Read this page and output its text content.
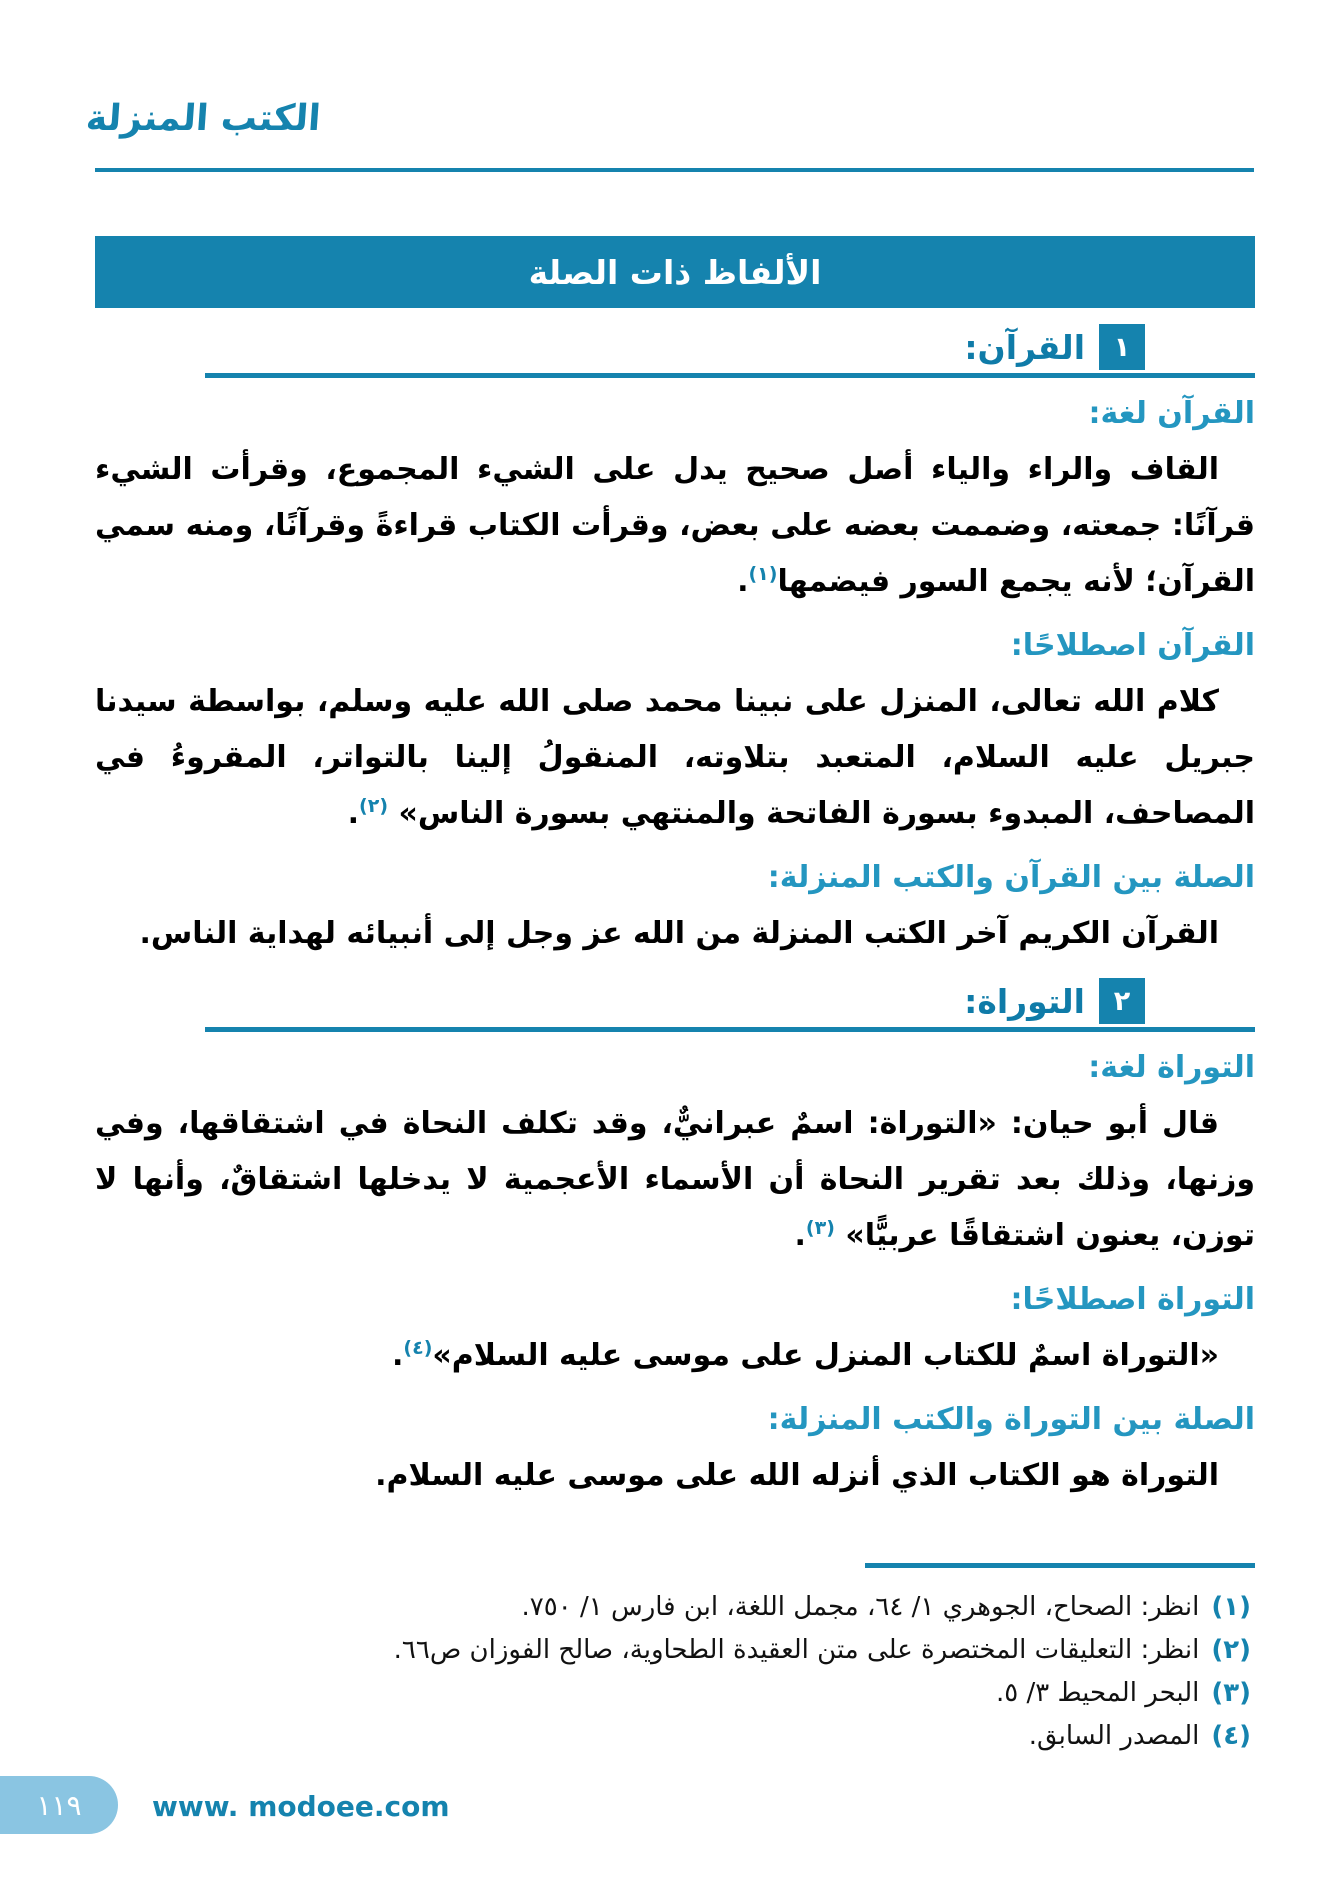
الكتب المنزلة
الألفاظ ذات الصلة
١
القرآن:
القرآن لغة:

القاف والراء والياء أصل صحيح يدل على الشيء المجموع، وقرأت الشيء قرآنًا: جمعته، وضممت بعضه على بعض، وقرأت الكتاب قراءةً وقرآنًا، ومنه سمي القرآن؛ لأنه يجمع السور فيضمها$^{(١)}$.

القرآن اصطلاحًا:

كلام الله تعالى، المنزل على نبينا محمد صلى الله عليه وسلم، بواسطة سيدنا جبريل عليه السلام، المتعبد بتلاوته، المنقولُ إلينا بالتواتر، المقروءُ في المصاحف، المبدوء بسورة الفاتحة والمنتهي بسورة الناس» $^{(٢)}$.

الصلة بين القرآن والكتب المنزلة:

القرآن الكريم آخر الكتب المنزلة من الله عز وجل إلى أنبيائه لهداية الناس.

٢
التوراة:
التوراة لغة:

قال أبو حيان: «التوراة: اسمٌ عبرانيٌّ، وقد تكلف النحاة في اشتقاقها، وفي وزنها، وذلك بعد تقرير النحاة أن الأسماء الأعجمية لا يدخلها اشتقاقٌ، وأنها لا توزن، يعنون اشتقاقًا عربيًّا» $^{(٣)}$.

التوراة اصطلاحًا:

«التوراة اسمٌ للكتاب المنزل على موسى عليه السلام»$^{(٤)}$.

الصلة بين التوراة والكتب المنزلة:

التوراة هو الكتاب الذي أنزله الله على موسى عليه السلام.

(١)
انظر: الصحاح، الجوهري ١/ ٦٤، مجمل اللغة، ابن فارس ١/ ٧٥٠.
(٢)
انظر: التعليقات المختصرة على متن العقيدة الطحاوية، صالح الفوزان ص٦٦.
(٣)
البحر المحيط ٣/ ٥.
(٤)
المصدر السابق.
١١٩	www. modoee.com
